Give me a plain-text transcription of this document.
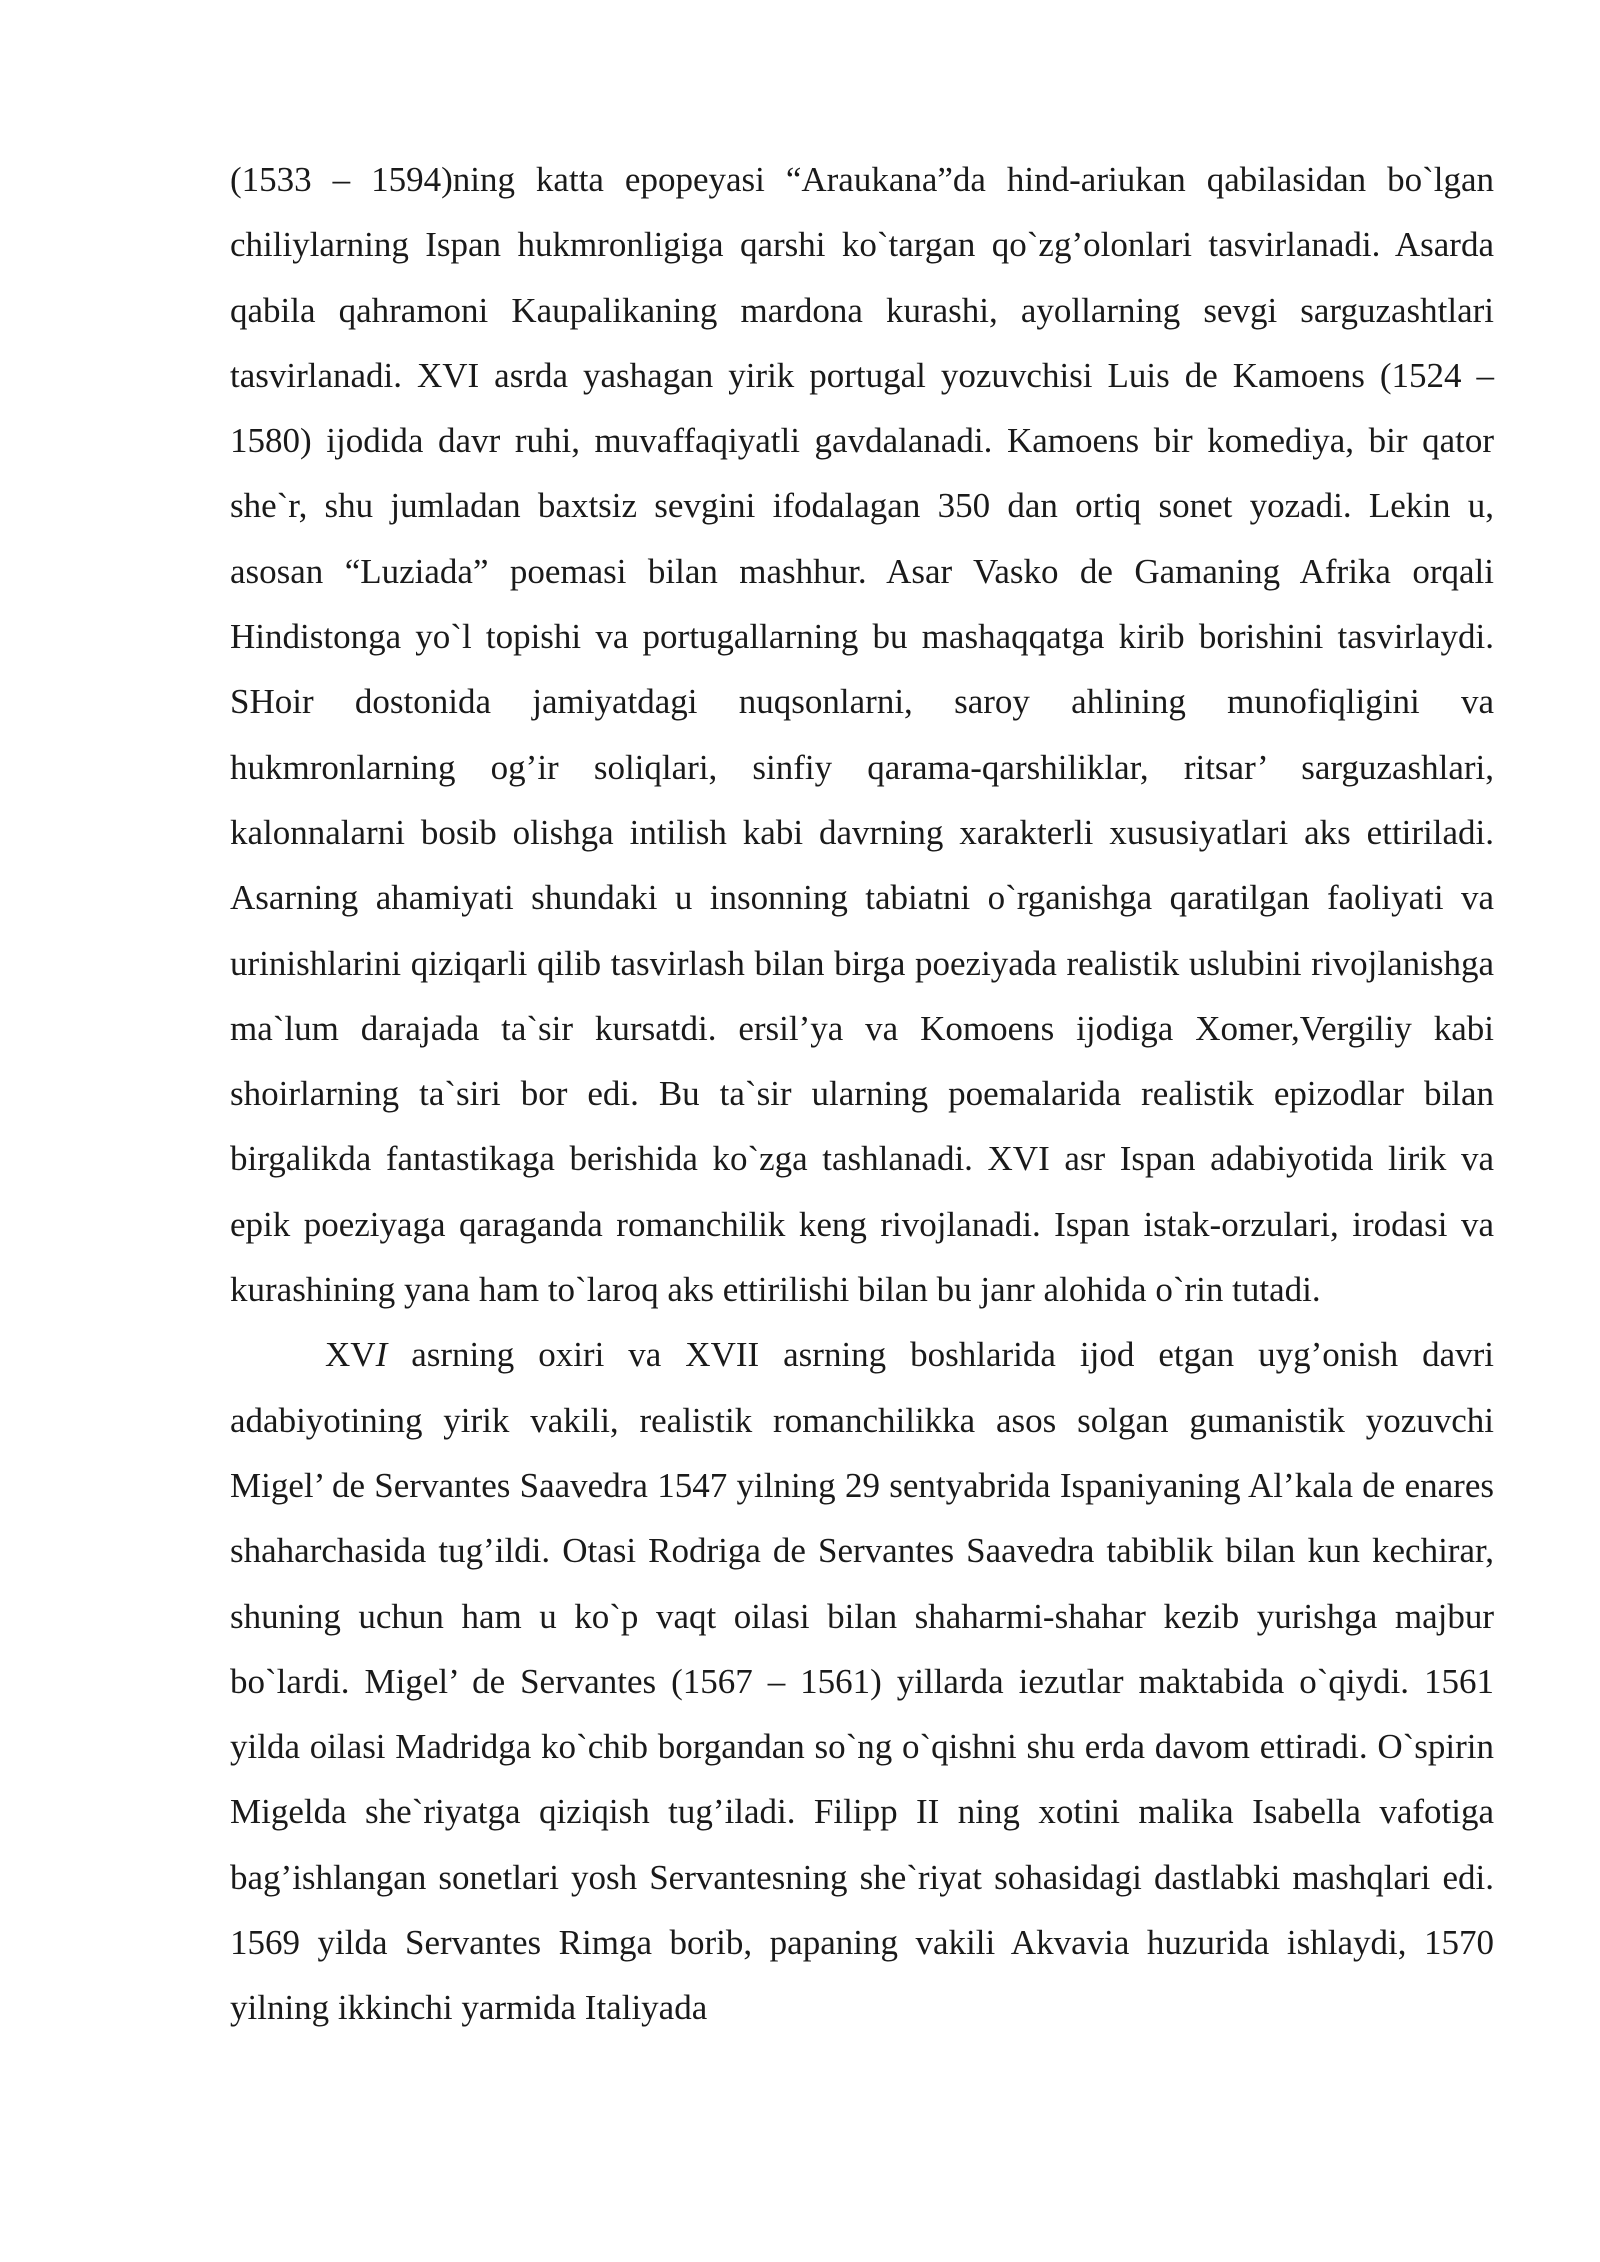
(1533 – 1594)ning katta epopeyasi “Araukana”da hind-ariukan qabilasidan bo`lgan chiliylarning Ispan hukmronligiga qarshi ko`targan qo`zg’olonlari tasvirlanadi. Asarda qabila qahramoni Kaupalikaning mardona kurashi, ayollarning sevgi sarguzashtlari tasvirlanadi. XVI asrda yashagan yirik portugal yozuvchisi Luis de Kamoens (1524 – 1580) ijodida davr ruhi, muvaffaqiyatli gavdalanadi. Kamoens bir komediya, bir qator she`r, shu jumladan baxtsiz sevgini ifodalagan 350 dan ortiq sonet yozadi. Lekin u, asosan “Luziada” poemasi bilan mashhur. Asar Vasko de Gamaning Afrika orqali Hindistonga yo`l topishi va portugallarning bu mashaqqatga kirib borishini tasvirlaydi. SHoir dostonida jamiyatdagi nuqsonlarni, saroy ahlining munofiqligini va hukmronlarning og’ir soliqlari, sinfiy qarama-qarshiliklar, ritsar’ sarguzashlari, kalonnalarni bosib olishga intilish kabi davrning xarakterli xususiyatlari aks ettiriladi. Asarning ahamiyati shundaki u insonning tabiatni o`rganishga qaratilgan faoliyati va urinishlarini qiziqarli qilib tasvirlash bilan birga poeziyada realistik uslubini rivojlanishga ma`lum darajada ta`sir kursatdi. ersil’ya va Komoens ijodiga Xomer,Vergiliy kabi shoirlarning ta`siri bor edi. Bu ta`sir ularning poemalarida realistik epizodlar bilan birgalikda fantastikaga berishida ko`zga tashlanadi. XVI asr Ispan adabiyotida lirik va epik poeziyaga qaraganda romanchilik keng rivojlanadi. Ispan istak-orzulari, irodasi va kurashining yana ham to`laroq aks ettirilishi bilan bu janr alohida o`rin tutadi.

XVI asrning oxiri va XVII asrning boshlarida ijod etgan uyg’onish davri adabiyotining yirik vakili, realistik romanchilikka asos solgan gumanistik yozuvchi Migel’ de Servantes Saavedra 1547 yilning 29 sentyabrida Ispaniyaning Al’kala de enares shaharchasida tug’ildi. Otasi Rodriga de Servantes Saavedra tabiblik bilan kun kechirar, shuning uchun ham u ko`p vaqt oilasi bilan shaharmi-shahar kezib yurishga majbur bo`lardi. Migel’ de Servantes (1567 – 1561) yillarda iezutlar maktabida o`qiydi. 1561 yilda oilasi Madridga ko`chib borgandan so`ng o`qishni shu erda davom ettiradi. O`spirin Migelda she`riyatga qiziqish tug’iladi. Filipp II ning xotini malika Isabella vafotiga bag’ishlangan sonetlari yosh Servantesning she`riyat sohasidagi dastlabki mashqlari edi. 1569 yilda Servantes Rimga borib, papaning vakili Akvavia huzurida ishlaydi, 1570 yilning ikkinchi yarmida Italiyada
